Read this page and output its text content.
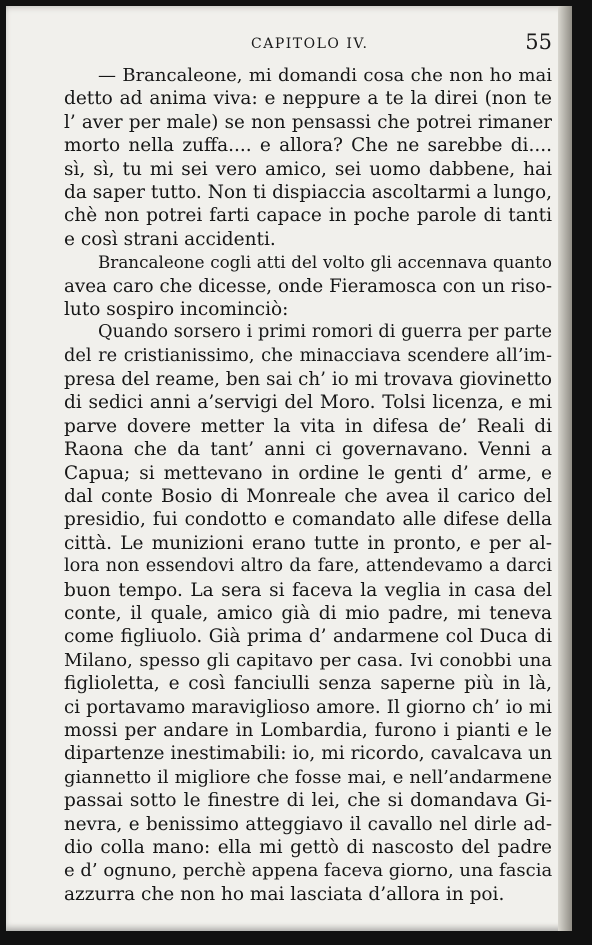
CAPITOLO IV.	55
— Brancaleone, mi domandi cosa che non ho mai
detto ad anima viva: e neppure a te la direi (non te
l’ aver per male) se non pensassi che potrei rimaner
morto nella zuffa.... e allora? Che ne sarebbe di....
sì, sì, tu mi sei vero amico, sei uomo dabbene, hai
da saper tutto. Non ti dispiaccia ascoltarmi a lungo,
chè non potrei farti capace in poche parole di tanti
e così strani accidenti.
Brancaleone cogli atti del volto gli accennava quanto
avea caro che dicesse, onde Fieramosca con un riso-
luto sospiro incominciò:
Quando sorsero i primi romori di guerra per parte
del re cristianissimo, che minacciava scendere all’im-
presa del reame, ben sai ch’ io mi trovava giovinetto
di sedici anni a’servigi del Moro. Tolsi licenza, e mi
parve dovere metter la vita in difesa de’ Reali di
Raona che da tant’ anni ci governavano. Venni a
Capua; si mettevano in ordine le genti d’ arme, e
dal conte Bosio di Monreale che avea il carico del
presidio, fui condotto e comandato alle difese della
città. Le munizioni erano tutte in pronto, e per al-
lora non essendovi altro da fare, attendevamo a darci
buon tempo. La sera si faceva la veglia in casa del
conte, il quale, amico già di mio padre, mi teneva
come figliuolo. Già prima d’ andarmene col Duca di
Milano, spesso gli capitavo per casa. Ivi conobbi una
figlioletta, e così fanciulli senza saperne più in là,
ci portavamo maraviglioso amore. Il giorno ch’ io mi
mossi per andare in Lombardia, furono i pianti e le
dipartenze inestimabili: io, mi ricordo, cavalcava un
giannetto il migliore che fosse mai, e nell’andarmene
passai sotto le finestre di lei, che si domandava Gi-
nevra, e benissimo atteggiavo il cavallo nel dirle ad-
dio colla mano: ella mi gettò di nascosto del padre
e d’ ognuno, perchè appena faceva giorno, una fascia
azzurra che non ho mai lasciata d’allora in poi.
